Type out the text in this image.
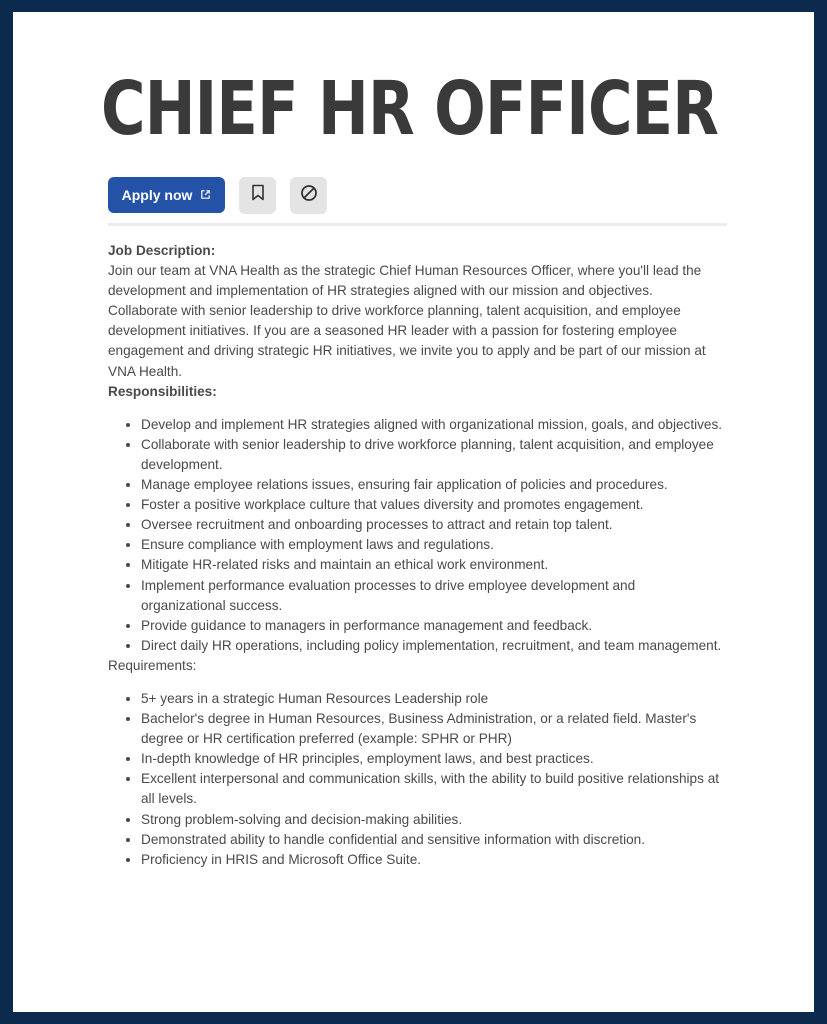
CHIEF HR OFFICER
Apply now

Job Description:

Join our team at VNA Health as the strategic Chief Human Resources Officer, where you'll lead the development and implementation of HR strategies aligned with our mission and objectives. Collaborate with senior leadership to drive workforce planning, talent acquisition, and employee development initiatives. If you are a seasoned HR leader with a passion for fostering employee engagement and driving strategic HR initiatives, we invite you to apply and be part of our mission at VNA Health.

Responsibilities:

• Develop and implement HR strategies aligned with organizational mission, goals, and objectives.
• Collaborate with senior leadership to drive workforce planning, talent acquisition, and employee development.
• Manage employee relations issues, ensuring fair application of policies and procedures.
• Foster a positive workplace culture that values diversity and promotes engagement.
• Oversee recruitment and onboarding processes to attract and retain top talent.
• Ensure compliance with employment laws and regulations.
• Mitigate HR-related risks and maintain an ethical work environment.
• Implement performance evaluation processes to drive employee development and organizational success.
• Provide guidance to managers in performance management and feedback.
• Direct daily HR operations, including policy implementation, recruitment, and team management.

Requirements:

• 5+ years in a strategic Human Resources Leadership role
• Bachelor's degree in Human Resources, Business Administration, or a related field. Master's degree or HR certification preferred (example: SPHR or PHR)
• In-depth knowledge of HR principles, employment laws, and best practices.
• Excellent interpersonal and communication skills, with the ability to build positive relationships at all levels.
• Strong problem-solving and decision-making abilities.
• Demonstrated ability to handle confidential and sensitive information with discretion.
• Proficiency in HRIS and Microsoft Office Suite.
